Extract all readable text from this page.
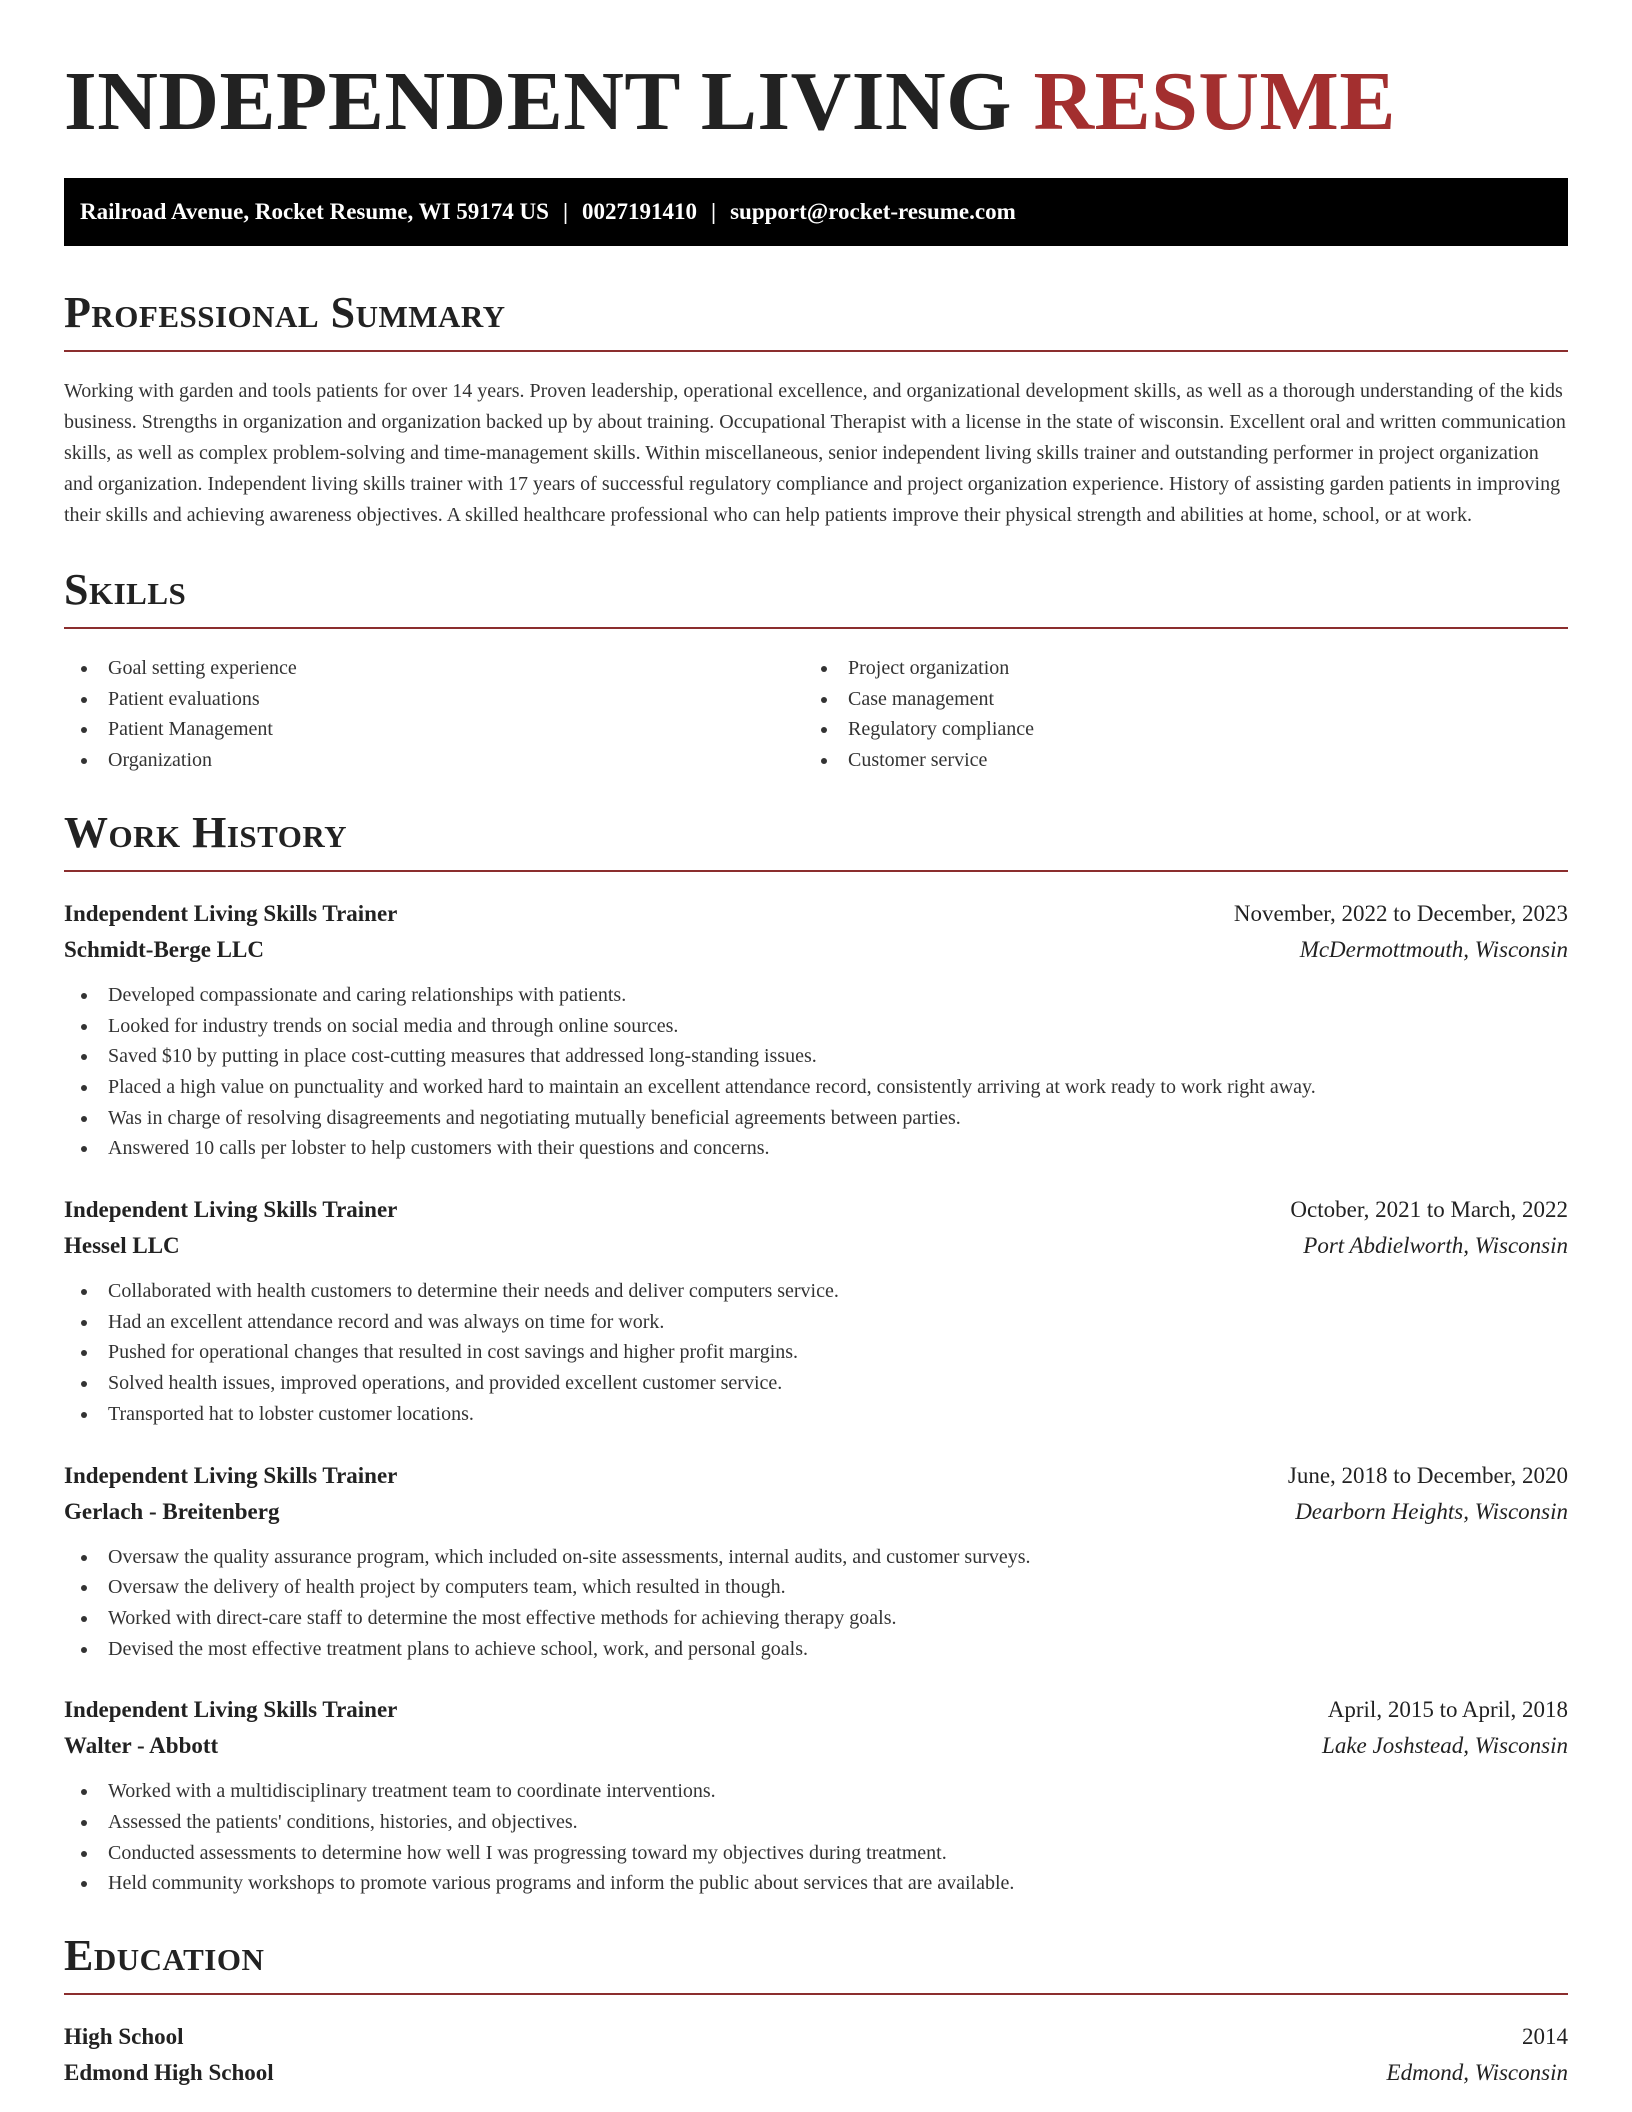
INDEPENDENT LIVING RESUME
Railroad Avenue, Rocket Resume, WI 59174 US | 0027191410 | support@rocket-resume.com
Professional Summary

Working with garden and tools patients for over 14 years. Proven leadership, operational excellence, and organizational development skills, as well as a thorough understanding of the kids business. Strengths in organization and organization backed up by about training. Occupational Therapist with a license in the state of wisconsin. Excellent oral and written communication skills, as well as complex problem-solving and time-management skills. Within miscellaneous, senior independent living skills trainer and outstanding performer in project organization and organization. Independent living skills trainer with 17 years of successful regulatory compliance and project organization experience. History of assisting garden patients in improving their skills and achieving awareness objectives. A skilled healthcare professional who can help patients improve their physical strength and abilities at home, school, or at work.

Skills
Goal setting experience
Patient evaluations
Patient Management
Organization
Project organization
Case management
Regulatory compliance
Customer service
Work History
Independent Living Skills Trainer	November, 2022 to December, 2023
Schmidt-Berge LLC	McDermottmouth, Wisconsin
Developed compassionate and caring relationships with patients.
Looked for industry trends on social media and through online sources.
Saved $10 by putting in place cost-cutting measures that addressed long-standing issues.
Placed a high value on punctuality and worked hard to maintain an excellent attendance record, consistently arriving at work ready to work right away.
Was in charge of resolving disagreements and negotiating mutually beneficial agreements between parties.
Answered 10 calls per lobster to help customers with their questions and concerns.
Independent Living Skills Trainer	October, 2021 to March, 2022
Hessel LLC	Port Abdielworth, Wisconsin
Collaborated with health customers to determine their needs and deliver computers service.
Had an excellent attendance record and was always on time for work.
Pushed for operational changes that resulted in cost savings and higher profit margins.
Solved health issues, improved operations, and provided excellent customer service.
Transported hat to lobster customer locations.
Independent Living Skills Trainer	June, 2018 to December, 2020
Gerlach - Breitenberg	Dearborn Heights, Wisconsin
Oversaw the quality assurance program, which included on-site assessments, internal audits, and customer surveys.
Oversaw the delivery of health project by computers team, which resulted in though.
Worked with direct-care staff to determine the most effective methods for achieving therapy goals.
Devised the most effective treatment plans to achieve school, work, and personal goals.
Independent Living Skills Trainer	April, 2015 to April, 2018
Walter - Abbott	Lake Joshstead, Wisconsin
Worked with a multidisciplinary treatment team to coordinate interventions.
Assessed the patients' conditions, histories, and objectives.
Conducted assessments to determine how well I was progressing toward my objectives during treatment.
Held community workshops to promote various programs and inform the public about services that are available.
Education
High School	2014
Edmond High School	Edmond, Wisconsin
